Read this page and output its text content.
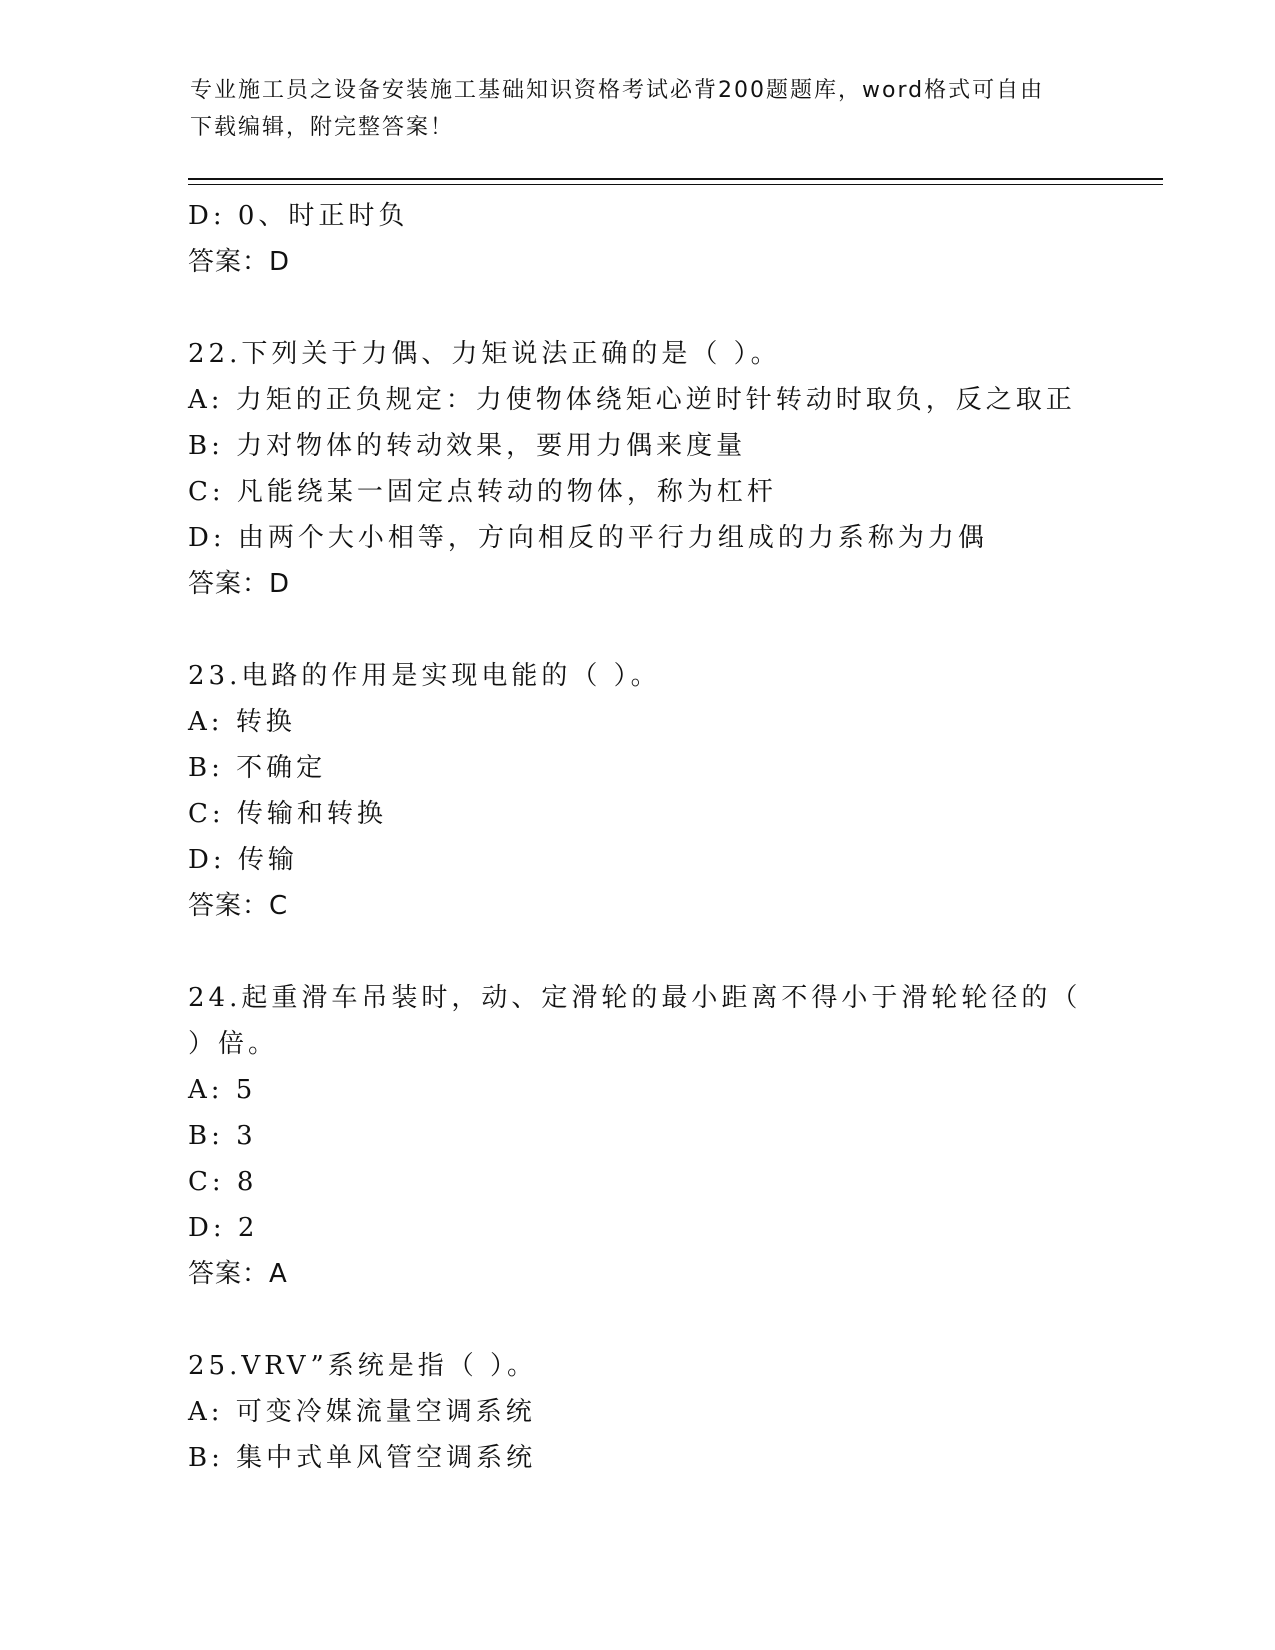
专业施工员之设备安装施工基础知识资格考试必背200题题库，word格式可自由
下载编辑，附完整答案！
D: 0、时正时负
答案：D
22.下列关于力偶、力矩说法正确的是（ ）。
A: 力矩的正负规定：力使物体绕矩心逆时针转动时取负，反之取正
B: 力对物体的转动效果，要用力偶来度量
C: 凡能绕某一固定点转动的物体，称为杠杆
D: 由两个大小相等，方向相反的平行力组成的力系称为力偶
答案：D
23.电路的作用是实现电能的（ ）。
A: 转换
B: 不确定
C: 传输和转换
D: 传输
答案：C
24.起重滑车吊装时，动、定滑轮的最小距离不得小于滑轮轮径的（
）倍。
A: 5
B: 3
C: 8
D: 2
答案：A
25.VRV”系统是指（ ）。
A: 可变冷媒流量空调系统
B: 集中式单风管空调系统
